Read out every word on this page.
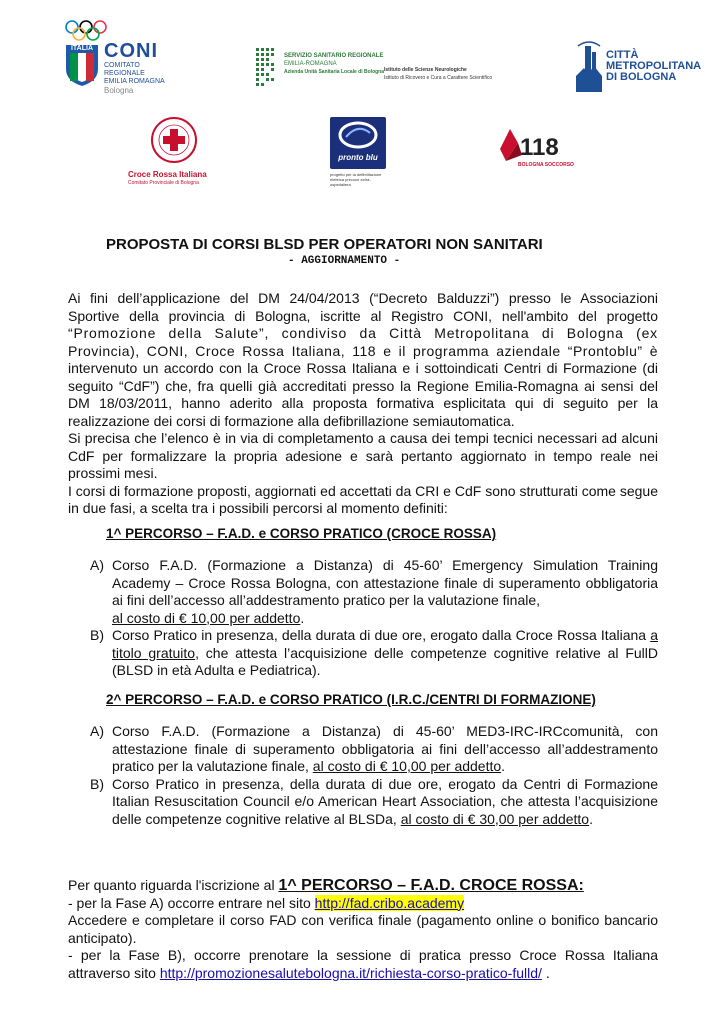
ITALIA CONI
COMITATO
REGIONALE
EMILIA ROMAGNA
Bologna
SERVIZIO SANITARIO REGIONALE
EMILIA-ROMAGNA
Azienda Unità Sanitaria Locale di Bologna Istituto delle Scienze Neurologiche
Istituto di Ricovero e Cura a Carattere Scientifico
CITTÀ
METROPOLITANA
DI BOLOGNA
Croce Rossa Italiana
Comitato Provinciale di Bologna
pronto blu
progetto per la defibrillazione elettrica precoce extra-ospedaliera
118
BOLOGNA SOCCORSO
PROPOSTA DI CORSI BLSD PER OPERATORI NON SANITARI
- AGGIORNAMENTO -

Ai fini dell’applicazione del DM 24/04/2013 (“Decreto Balduzzi”) presso le Associazioni

Sportive della provincia di Bologna, iscritte al Registro CONI, nell'ambito del progetto

“Promozione della Salute”, condiviso da Città Metropolitana di Bologna (ex

Provincia), CONI, Croce Rossa Italiana, 118 e il programma aziendale “Prontoblu” è

intervenuto un accordo con la Croce Rossa Italiana e i sottoindicati Centri di Formazione (di seguito “CdF”) che, fra quelli già accreditati presso la Regione Emilia-Romagna ai sensi del DM 18/03/2011, hanno aderito alla proposta formativa esplicitata qui di seguito per la realizzazione dei corsi di formazione alla defibrillazione semiautomatica.

Si precisa che l’elenco è in via di completamento a causa dei tempi tecnici necessari ad alcuni CdF per formalizzare la propria adesione e sarà pertanto aggiornato in tempo reale nei prossimi mesi.

I corsi di formazione proposti, aggiornati ed accettati da CRI e CdF sono strutturati come segue in due fasi, a scelta tra i possibili percorsi al momento definiti:

1^ PERCORSO – F.A.D. e CORSO PRATICO (CROCE ROSSA)
A) Corso F.A.D. (Formazione a Distanza) di 45-60’ Emergency Simulation Training Academy – Croce Rossa Bologna, con attestazione finale di superamento obbligatoria ai fini dell’accesso all’addestramento pratico per la valutazione finale,
al costo di € 10,00 per addetto.
B) Corso Pratico in presenza, della durata di due ore, erogato dalla Croce Rossa Italiana a titolo gratuito, che attesta l’acquisizione delle competenze cognitive relative al FullD (BLSD in età Adulta e Pediatrica).
2^ PERCORSO – F.A.D. e CORSO PRATICO (I.R.C./CENTRI DI FORMAZIONE)
A) Corso F.A.D. (Formazione a Distanza) di 45-60’ MED3-IRC-IRCcomunità, con attestazione finale di superamento obbligatoria ai fini dell’accesso all’addestramento pratico per la valutazione finale, al costo di € 10,00 per addetto.
B) Corso Pratico in presenza, della durata di due ore, erogato da Centri di Formazione Italian Resuscitation Council e/o American Heart Association, che attesta l’acquisizione delle competenze cognitive relative al BLSDa, al costo di € 30,00 per addetto.
Per quanto riguarda l'iscrizione al 1^ PERCORSO – F.A.D. CROCE ROSSA:
- per la Fase A) occorre entrare nel sito http://fad.cribo.academy
Accedere e completare il corso FAD con verifica finale (pagamento online o bonifico bancario anticipato).
- per la Fase B), occorre prenotare la sessione di pratica presso Croce Rossa Italiana attraverso sito http://promozionesalutebologna.it/richiesta-corso-pratico-fulld/ .
